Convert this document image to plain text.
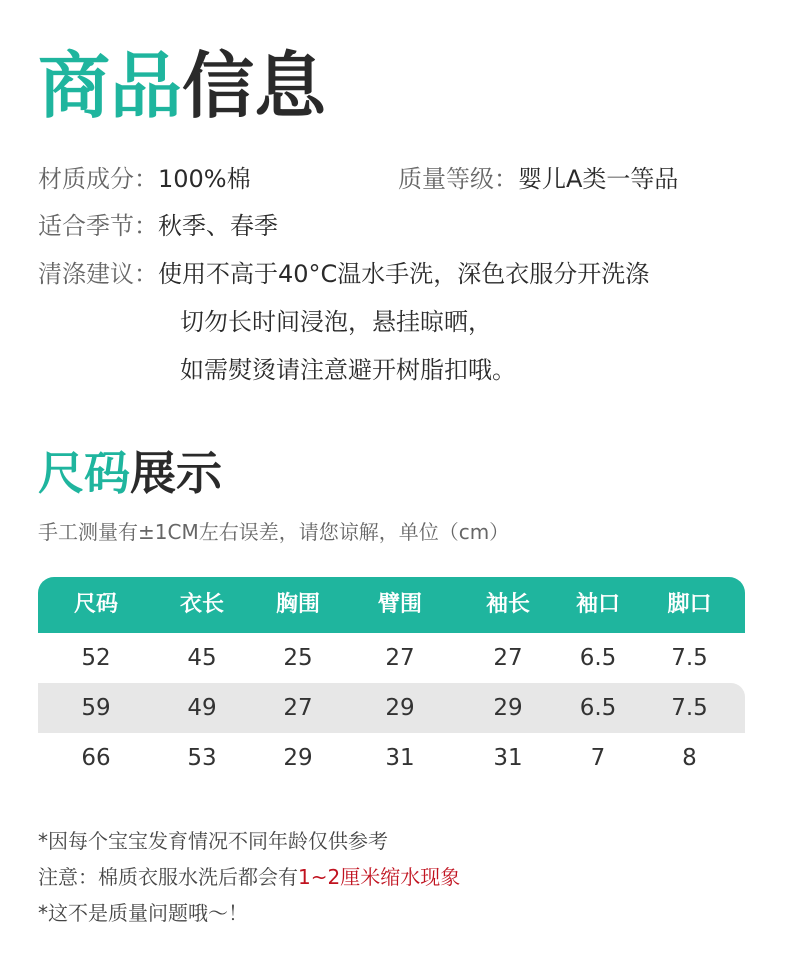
商品信息
材质成分：100%棉	质量等级：婴儿A类一等品
适合季节：秋季、春季
清涤建议：使用不高于40°C温水手洗，深色衣服分开洗涤
切勿长时间浸泡，悬挂晾晒，
如需熨烫请注意避开树脂扣哦。
尺码展示
手工测量有±1CM左右误差，请您谅解，单位（cm）
尺码	衣长	胸围	臂围	袖长	袖口	脚口
52	45	25	27	27	6.5	7.5
59	49	27	29	29	6.5	7.5
66	53	29	31	31	7	8
*因每个宝宝发育情况不同年龄仅供参考
注意：棉质衣服水洗后都会有1~2厘米缩水现象
*这不是质量问题哦～！
